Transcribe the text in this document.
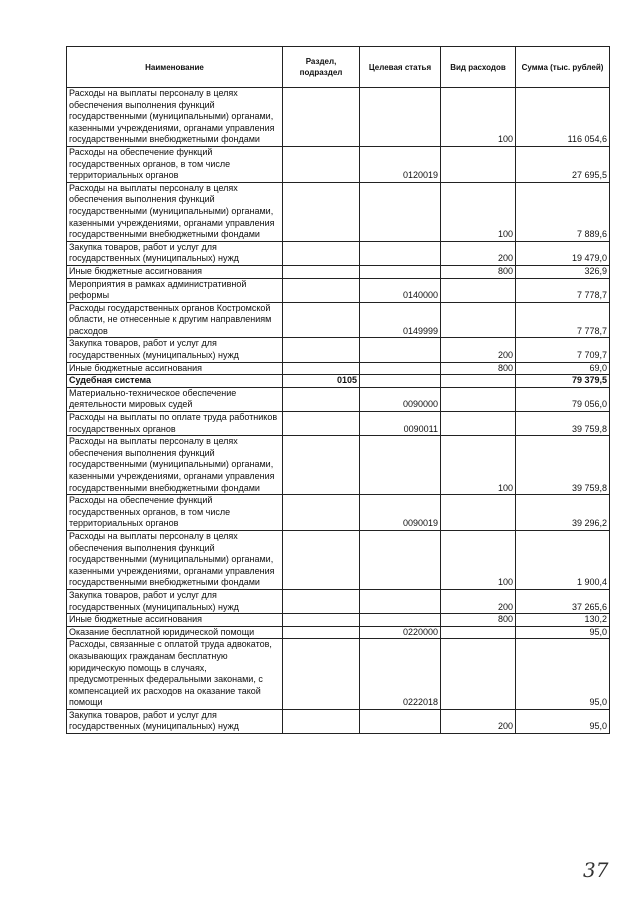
Наименование	Раздел, подраздел	Целевая статья	Вид расходов	Сумма (тыс. рублей)
Расходы на выплаты персоналу в целях обеспечения выполнения функций государственными (муниципальными) органами, казенными учреждениями, органами управления государственными внебюджетными фондами			100	116 054,6
Расходы на обеспечение функций государственных органов, в том числе территориальных органов		0120019		27 695,5
Расходы на выплаты персоналу в целях обеспечения выполнения функций государственными (муниципальными) органами, казенными учреждениями, органами управления государственными внебюджетными фондами			100	7 889,6
Закупка товаров, работ и услуг для государственных (муниципальных) нужд			200	19 479,0
Иные бюджетные ассигнования			800	326,9
Мероприятия в рамках административной реформы		0140000		7 778,7
Расходы государственных органов Костромской области, не отнесенные к другим направлениям расходов		0149999		7 778,7
Закупка товаров, работ и услуг для государственных (муниципальных) нужд			200	7 709,7
Иные бюджетные ассигнования			800	69,0
Судебная система	0105			79 379,5
Материально-техническое обеспечение деятельности мировых судей		0090000		79 056,0
Расходы на выплаты по оплате труда работников государственных органов		0090011		39 759,8
Расходы на выплаты персоналу в целях обеспечения выполнения функций государственными (муниципальными) органами, казенными учреждениями, органами управления государственными внебюджетными фондами			100	39 759,8
Расходы на обеспечение функций государственных органов, в том числе территориальных органов		0090019		39 296,2
Расходы на выплаты персоналу в целях обеспечения выполнения функций государственными (муниципальными) органами, казенными учреждениями, органами управления государственными внебюджетными фондами			100	1 900,4
Закупка товаров, работ и услуг для государственных (муниципальных) нужд			200	37 265,6
Иные бюджетные ассигнования			800	130,2
Оказание бесплатной юридической помощи		0220000		95,0
Расходы, связанные с оплатой труда адвокатов, оказывающих гражданам бесплатную юридическую помощь в случаях, предусмотренных федеральными законами, с компенсацией их расходов на оказание такой помощи		0222018		95,0
Закупка товаров, работ и услуг для государственных (муниципальных) нужд			200	95,0
37
